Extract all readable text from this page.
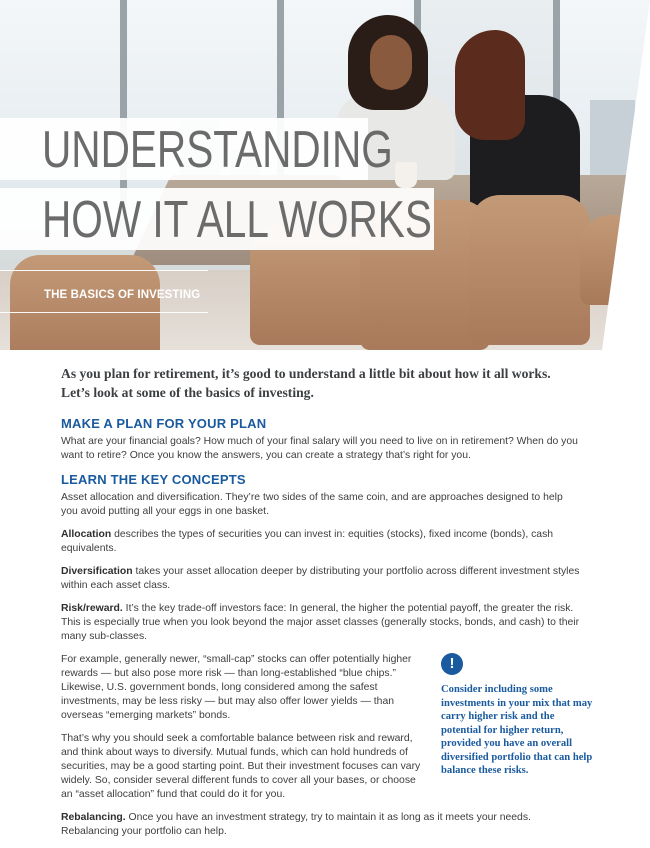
UNDERSTANDING
HOW IT ALL WORKS
THE BASICS OF INVESTING

As you plan for retirement, it’s good to understand a little bit about how it all works. Let’s look at some of the basics of investing.

MAKE A PLAN FOR YOUR PLAN

What are your financial goals? How much of your final salary will you need to live on in retirement? When do you want to retire? Once you know the answers, you can create a strategy that’s right for you.

LEARN THE KEY CONCEPTS

Asset allocation and diversification. They’re two sides of the same coin, and are approaches designed to help you avoid putting all your eggs in one basket.

Allocation describes the types of securities you can invest in: equities (stocks), fixed income (bonds), cash equivalents.

Diversification takes your asset allocation deeper by distributing your portfolio across different investment styles within each asset class.

Risk/reward. It’s the key trade-off investors face: In general, the higher the potential payoff, the greater the risk. This is especially true when you look beyond the major asset classes (generally stocks, bonds, and cash) to their many sub-classes.

For example, generally newer, “small-cap” stocks can offer potentially higher rewards — but also pose more risk — than long-established “blue chips.” Likewise, U.S. government bonds, long considered among the safest investments, may be less risky — but may also offer lower yields — than overseas “emerging markets” bonds.

That’s why you should seek a comfortable balance between risk and reward, and think about ways to diversify. Mutual funds, which can hold hundreds of securities, may be a good starting point. But their investment focuses can vary widely. So, consider several different funds to cover all your bases, or choose an “asset allocation” fund that could do it for you.

!

Consider including some investments in your mix that may carry higher risk and the potential for higher return, provided you have an overall diversified portfolio that can help balance these risks.

Rebalancing. Once you have an investment strategy, try to maintain it as long as it meets your needs. Rebalancing your portfolio can help.
